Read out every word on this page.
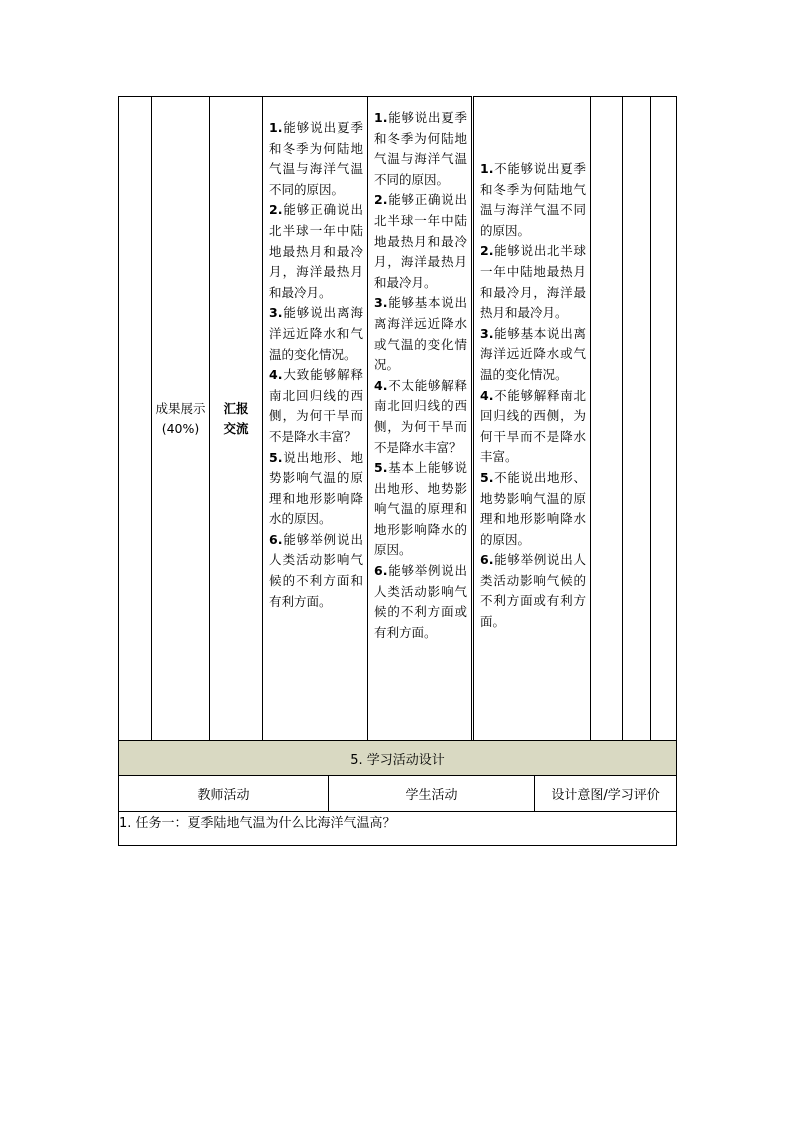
	成果展示(40%)	汇报交流	
1.能够说出夏季和冬季为何陆地气温与海洋气温不同的原因。
2.能够正确说出北半球一年中陆地最热月和最冷月，海洋最热月和最冷月。
3.能够说出离海洋远近降水和气温的变化情况。
4.大致能够解释南北回归线的西侧，为何干旱而不是降水丰富？
5.说出地形、地势影响气温的原理和地形影响降水的原因。
6.能够举例说出人类活动影响气候的不利方面和有利方面。

1.能够说出夏季和冬季为何陆地气温与海洋气温不同的原因。
2.能够正确说出北半球一年中陆地最热月和最冷月，海洋最热月和最冷月。
3.能够基本说出离海洋远近降水或气温的变化情况。
4.不太能够解释南北回归线的西侧，为何干旱而不是降水丰富？
5.基本上能够说出地形、地势影响气温的原理和地形影响降水的原因。
6.能够举例说出人类活动影响气候的不利方面或有利方面。

1.不能够说出夏季和冬季为何陆地气温与海洋气温不同的原因。
2.能够说出北半球一年中陆地最热月和最冷月，海洋最热月和最冷月。
3.能够基本说出离海洋远近降水或气温的变化情况。
4.不能够解释南北回归线的西侧，为何干旱而不是降水丰富。
5.不能说出地形、地势影响气温的原理和地形影响降水的原因。
6.能够举例说出人类活动影响气候的不利方面或有利方面。

5. 学习活动设计
教师活动	学生活动	设计意图/学习评价
1. 任务一：夏季陆地气温为什么比海洋气温高？
